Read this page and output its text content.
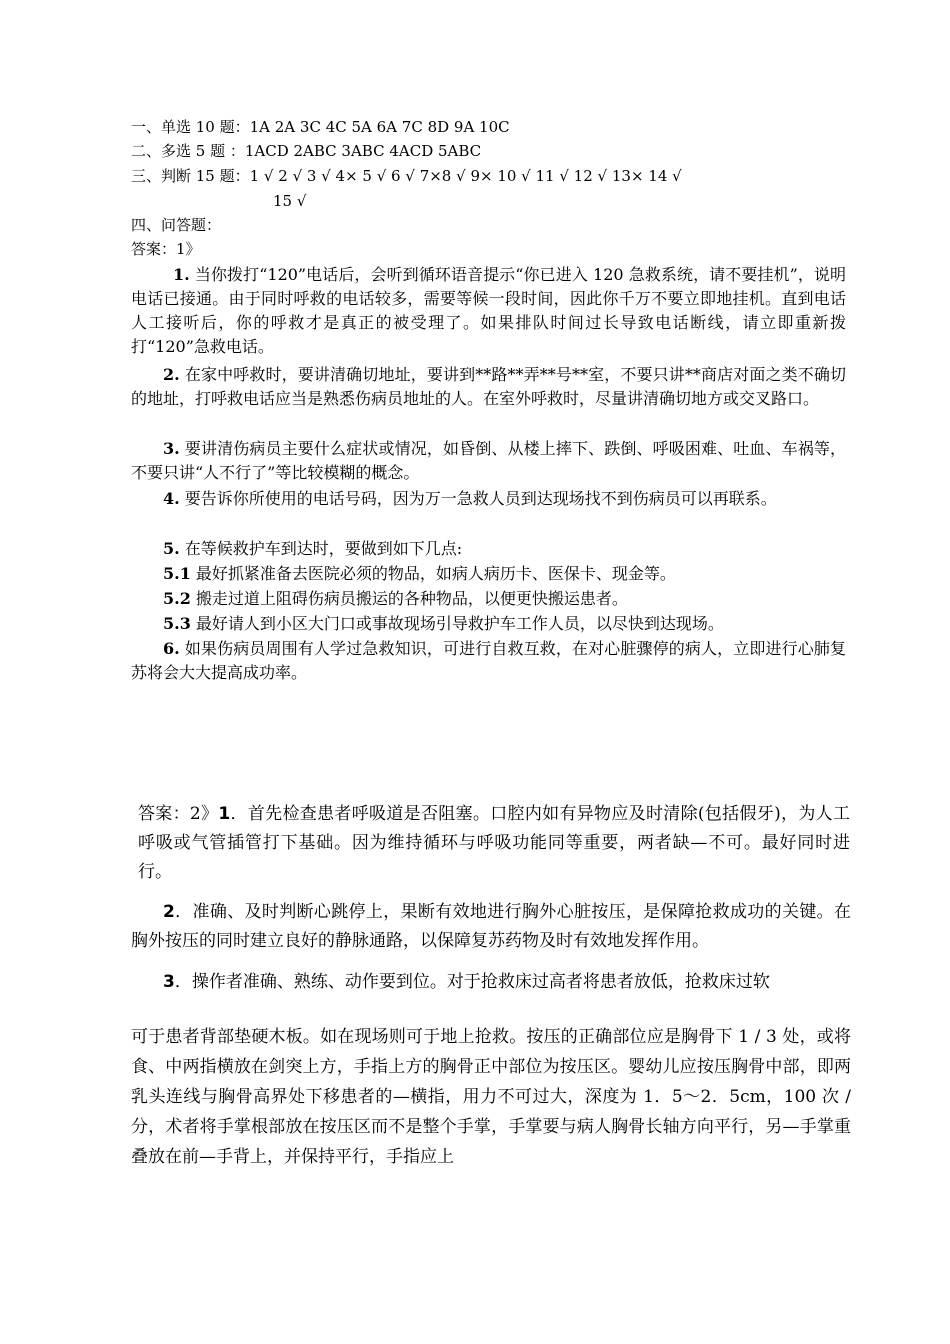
一、单选 10 题：1A 2A 3C 4C 5A 6A 7C 8D 9A 10C
二、多选 5 题 ：1ACD 2ABC 3ABC 4ACD 5ABC
三、判断 15 题：1 √ 2 √ 3 √ 4× 5 √ 6 √ 7×8 √ 9× 10 √ 11 √ 12 √ 13× 14 √
15 √
四、问答题：
答案：1》
1. 当你拨打“120”电话后，会听到循环语音提示“你已进入 120 急救系统，请不要挂机”，说明电话已接通。由于同时呼救的电话较多，需要等候一段时间，因此你千万不要立即地挂机。直到电话人工接听后，你的呼救才是真正的被受理了。如果排队时间过长导致电话断线，请立即重新拨打“120”急救电话。
2. 在家中呼救时，要讲清确切地址，要讲到**路**弄**号**室，不要只讲**商店对面之类不确切的地址，打呼救电话应当是熟悉伤病员地址的人。在室外呼救时，尽量讲清确切地方或交叉路口。
3. 要讲清伤病员主要什么症状或情况，如昏倒、从楼上摔下、跌倒、呼吸困难、吐血、车祸等，不要只讲“人不行了”等比较模糊的概念。
4. 要告诉你所使用的电话号码，因为万一急救人员到达现场找不到伤病员可以再联系。
5. 在等候救护车到达时，要做到如下几点:
5.1 最好抓紧准备去医院必须的物品，如病人病历卡、医保卡、现金等。
5.2 搬走过道上阻碍伤病员搬运的各种物品，以便更快搬运患者。
5.3 最好请人到小区大门口或事故现场引导救护车工作人员，以尽快到达现场。
6. 如果伤病员周围有人学过急救知识，可进行自救互救，在对心脏骤停的病人，立即进行心肺复苏将会大大提高成功率。
答案：2》1．首先检查患者呼吸道是否阻塞。口腔内如有异物应及时清除(包括假牙)，为人工呼吸或气管插管打下基础。因为维持循环与呼吸功能同等重要，两者缺—不可。最好同时进行。
2．准确、及时判断心跳停上，果断有效地进行胸外心脏按压，是保障抢救成功的关键。在胸外按压的同时建立良好的静脉通路，以保障复苏药物及时有效地发挥作用。
3．操作者准确、熟练、动作要到位。对于抢救床过高者将患者放低，抢救床过软
可于患者背部垫硬木板。如在现场则可于地上抢救。按压的正确部位应是胸骨下 1 / 3 处，或将食、中两指横放在剑突上方，手指上方的胸骨正中部位为按压区。婴幼儿应按压胸骨中部，即两乳头连线与胸骨高界处下移患者的—横指，用力不可过大，深度为 1．5～2．5cm，100 次 / 分，术者将手掌根部放在按压区而不是整个手掌，手掌要与病人胸骨长轴方向平行，另—手掌重叠放在前—手背上，并保持平行，手指应上
